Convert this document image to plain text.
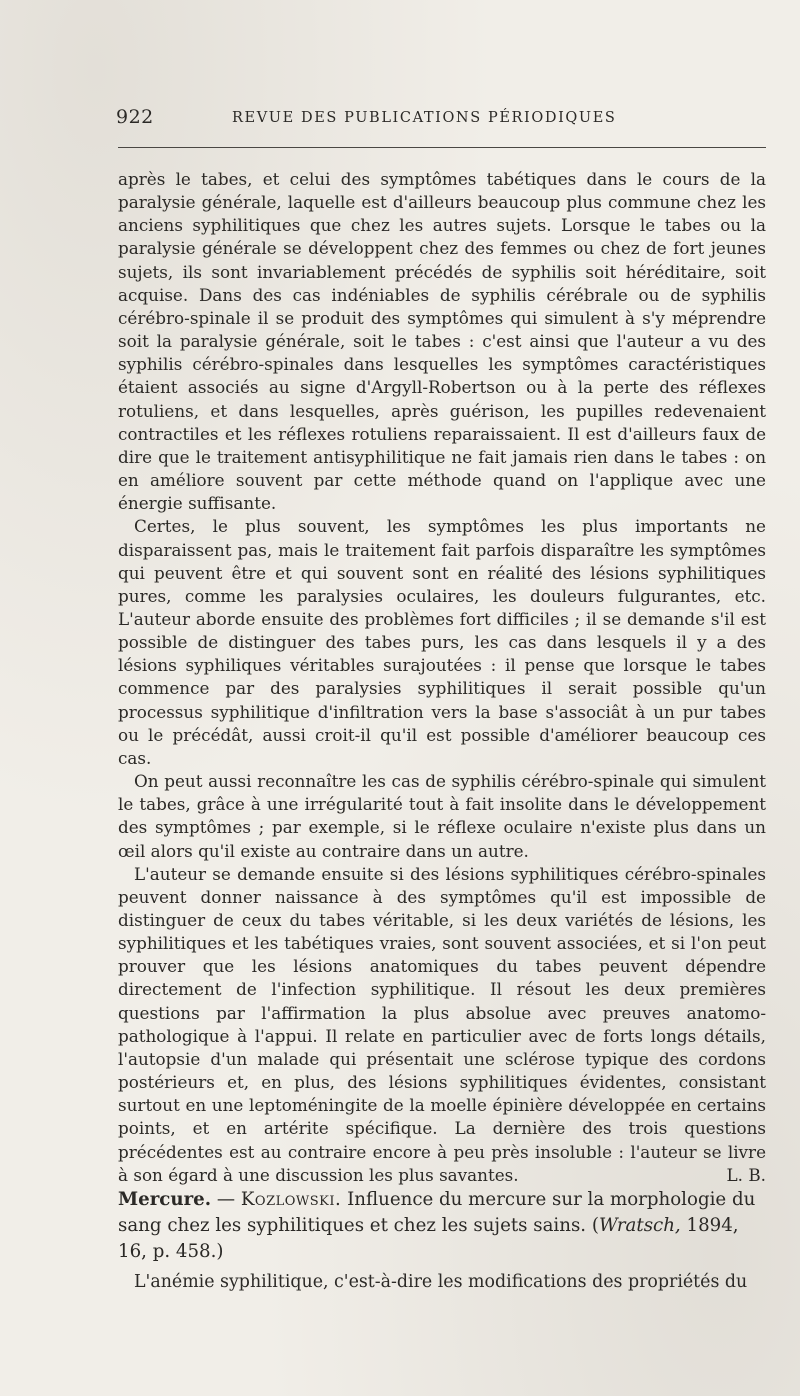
922	REVUE DES PUBLICATIONS PÉRIODIQUES

après le tabes, et celui des symptômes tabétiques dans le cours de la paralysie générale, laquelle est d'ailleurs beaucoup plus commune chez les anciens syphilitiques que chez les autres sujets. Lorsque le tabes ou la paralysie générale se développent chez des femmes ou chez de fort jeunes sujets, ils sont invariablement précédés de syphilis soit héréditaire, soit acquise. Dans des cas indéniables de syphilis cérébrale ou de syphilis cérébro-spinale il se produit des symptômes qui simulent à s'y méprendre soit la paralysie générale, soit le tabes : c'est ainsi que l'auteur a vu des syphilis cérébro-spinales dans lesquelles les symptômes caractéristiques étaient associés au signe d'Argyll-Robertson ou à la perte des réflexes rotuliens, et dans lesquelles, après guérison, les pupilles redevenaient contractiles et les réflexes rotuliens reparaissaient. Il est d'ailleurs faux de dire que le traitement antisyphilitique ne fait jamais rien dans le tabes : on en améliore souvent par cette méthode quand on l'applique avec une énergie suffisante.

Certes, le plus souvent, les symptômes les plus importants ne disparaissent pas, mais le traitement fait parfois disparaître les symptômes qui peuvent être et qui souvent sont en réalité des lésions syphilitiques pures, comme les paralysies oculaires, les douleurs fulgurantes, etc. L'auteur aborde ensuite des problèmes fort difficiles ; il se demande s'il est possible de distinguer des tabes purs, les cas dans lesquels il y a des lésions syphiliques véritables surajoutées : il pense que lorsque le tabes commence par des paralysies syphilitiques il serait possible qu'un processus syphilitique d'infiltration vers la base s'associât à un pur tabes ou le précédât, aussi croit-il qu'il est possible d'améliorer beaucoup ces cas.

On peut aussi reconnaître les cas de syphilis cérébro-spinale qui simulent le tabes, grâce à une irrégularité tout à fait insolite dans le développement des symptômes ; par exemple, si le réflexe oculaire n'existe plus dans un œil alors qu'il existe au contraire dans un autre.

L'auteur se demande ensuite si des lésions syphilitiques cérébro-spinales peuvent donner naissance à des symptômes qu'il est impossible de distinguer de ceux du tabes véritable, si les deux variétés de lésions, les syphilitiques et les tabétiques vraies, sont souvent associées, et si l'on peut prouver que les lésions anatomiques du tabes peuvent dépendre directement de l'infection syphilitique. Il résout les deux premières questions par l'affirmation la plus absolue avec preuves anatomo-pathologique à l'appui. Il relate en particulier avec de forts longs détails, l'autopsie d'un malade qui présentait une sclérose typique des cordons postérieurs et, en plus, des lésions syphilitiques évidentes, consistant surtout en une leptoméningite de la moelle épinière développée en certains points, et en artérite spécifique. La dernière des trois questions précédentes est au contraire encore à peu près insoluble : l'auteur se livre à son égard à une discussion les plus savantes.	L. B.

Mercure. — Kozlowski. Influence du mercure sur la morphologie du sang chez les syphilitiques et chez les sujets sains. (Wratsch, 1894, 16, p. 458.)

L'anémie syphilitique, c'est-à-dire les modifications des propriétés du
